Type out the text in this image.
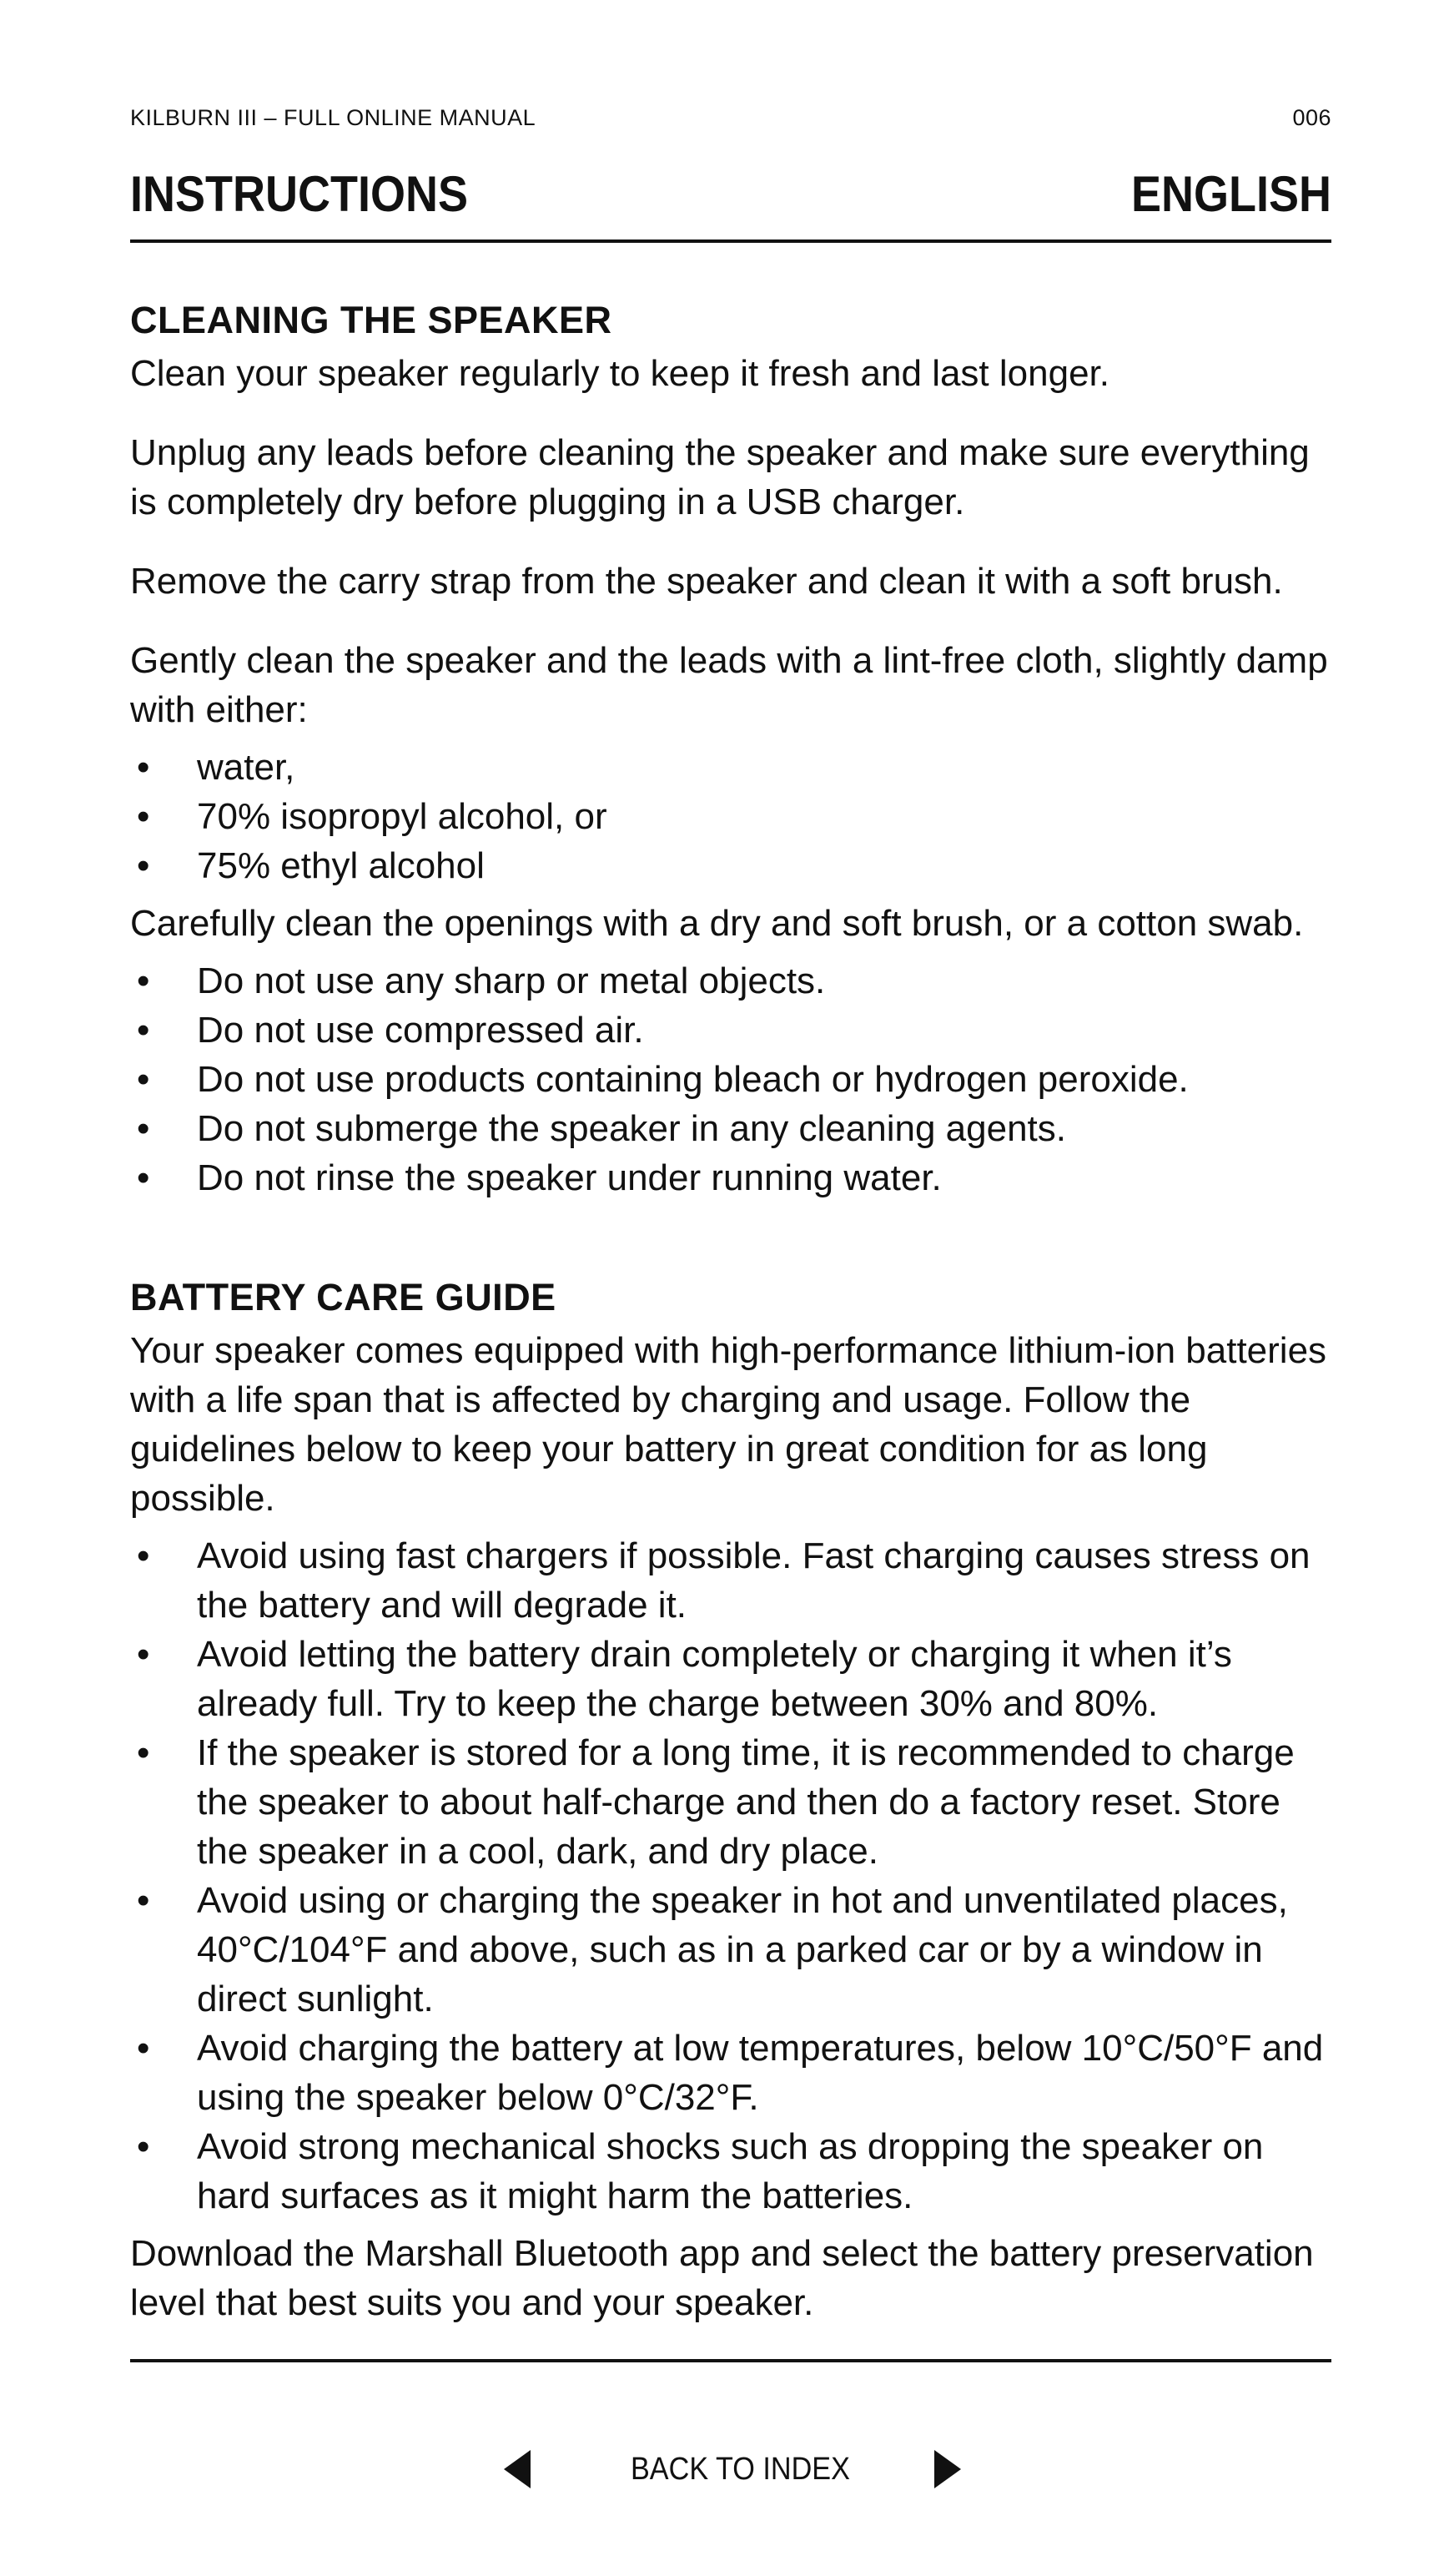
KILBURN III – FULL ONLINE MANUAL	006
INSTRUCTIONS	ENGLISH
CLEANING THE SPEAKER

Clean your speaker regularly to keep it fresh and last longer.

Unplug any leads before cleaning the speaker and make sure everything is completely dry before plugging in a USB charger.

Remove the carry strap from the speaker and clean it with a soft brush.

Gently clean the speaker and the leads with a lint-free cloth, slightly damp with either:

• water,
• 70% isopropyl alcohol, or
• 75% ethyl alcohol

Carefully clean the openings with a dry and soft brush, or a cotton swab.

• Do not use any sharp or metal objects.
• Do not use compressed air.
• Do not use products containing bleach or hydrogen peroxide.
• Do not submerge the speaker in any cleaning agents.
• Do not rinse the speaker under running water.
BATTERY CARE GUIDE

Your speaker comes equipped with high-performance lithium-ion batteries with a life span that is affected by charging and usage. Follow the guidelines below to keep your battery in great condition for as long possible.

• Avoid using fast chargers if possible. Fast charging causes stress on the battery and will degrade it.
• Avoid letting the battery drain completely or charging it when it’s already full. Try to keep the charge between 30% and 80%.
• If the speaker is stored for a long time, it is recommended to charge the speaker to about half-charge and then do a factory reset. Store the speaker in a cool, dark, and dry place.
• Avoid using or charging the speaker in hot and unventilated places, 40°C/104°F and above, such as in a parked car or by a window in direct sunlight.
• Avoid charging the battery at low temperatures, below 10°C/50°F and using the speaker below 0°C/32°F.
• Avoid strong mechanical shocks such as dropping the speaker on hard surfaces as it might harm the batteries.

Download the Marshall Bluetooth app and select the battery preservation level that best suits you and your speaker.

BACK TO INDEX
